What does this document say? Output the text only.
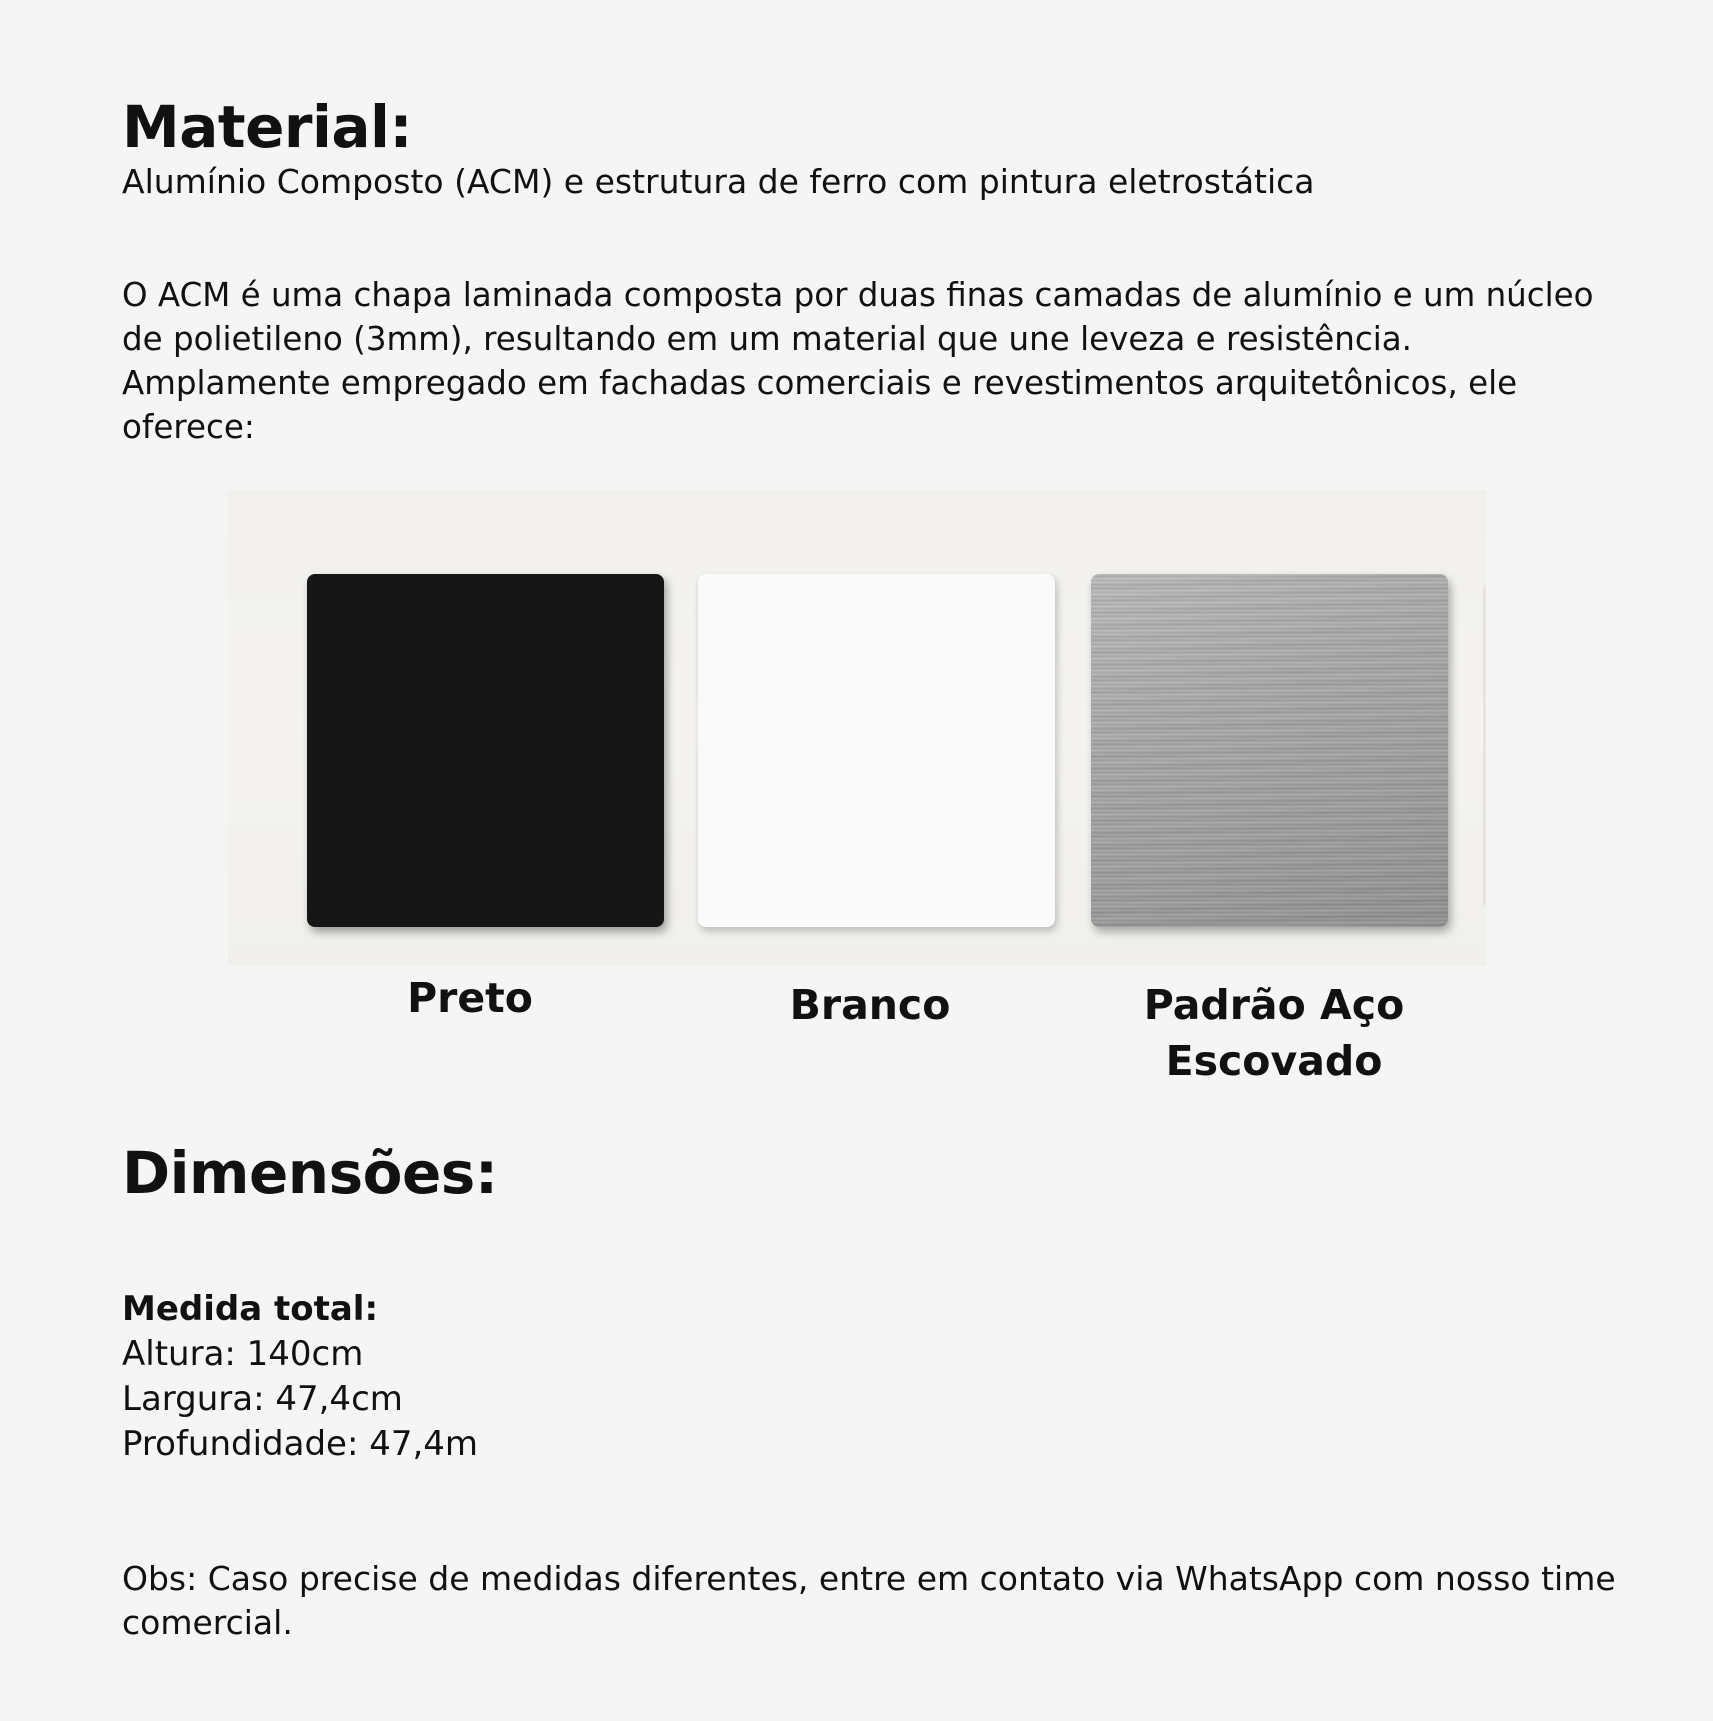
Material:

Alumínio Composto (ACM) e estrutura de ferro com pintura eletrostática

O ACM é uma chapa laminada composta por duas finas camadas de alumínio e um núcleo de polietileno (3mm), resultando em um material que une leveza e resistência. Amplamente empregado em fachadas comerciais e revestimentos arquitetônicos, ele oferece:

Preto	Branco	Padrão Aço Escovado

Dimensões:

Medida total:

Altura: 140cm

Largura: 47,4cm

Profundidade: 47,4m

Obs: Caso precise de medidas diferentes, entre em contato via WhatsApp com nosso time comercial.
